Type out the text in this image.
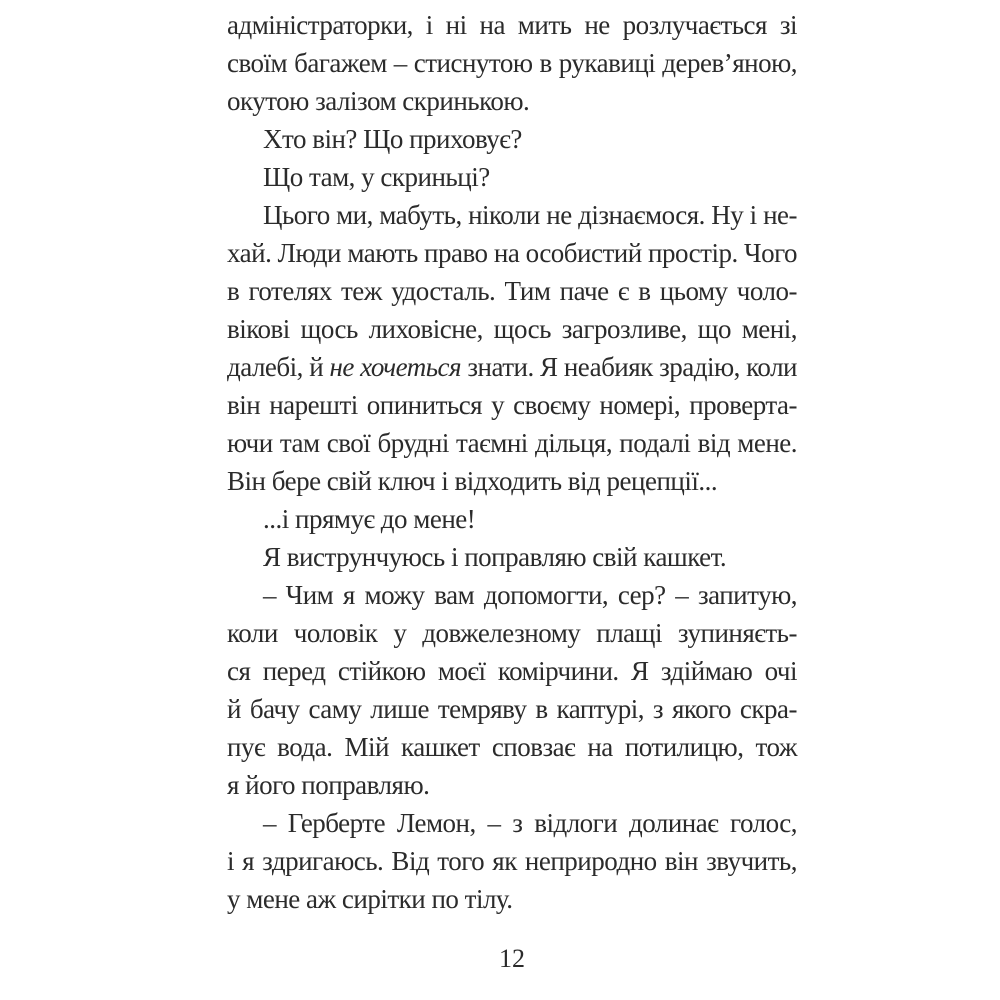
адміністраторки, і ні на мить не розлучається зі
своїм багажем – стиснутою в рукавиці дерев’яною,
окутою залізом скринькою.
Хто він? Що приховує?
Що там, у скриньці?
Цього ми, мабуть, ніколи не дізнаємося. Ну і не-
хай. Люди мають право на особистий простір. Чого
в готелях теж удосталь. Тим паче є в цьому чоло-
вікові щось лиховісне, щось загрозливе, що мені,
далебі, й не хочеться знати. Я неабияк зрадію, коли
він нарешті опиниться у своєму номері, проверта-
ючи там свої брудні таємні дільця, подалі від мене.
Він бере свій ключ і відходить від рецепції...
...і прямує до мене!
Я виструнчуюсь і поправляю свій кашкет.
– Чим я можу вам допомогти, сер? – запитую,
коли чоловік у довжелезному плащі зупиняєть-
ся перед стійкою моєї комірчини. Я здіймаю очі
й бачу саму лише темряву в каптурі, з якого скра-
пує вода. Мій кашкет сповзає на потилицю, тож
я його поправляю.
– Герберте Лемон, – з відлоги долинає голос,
і я здригаюсь. Від того як неприродно він звучить,
у мене аж сирітки по тілу.
12
